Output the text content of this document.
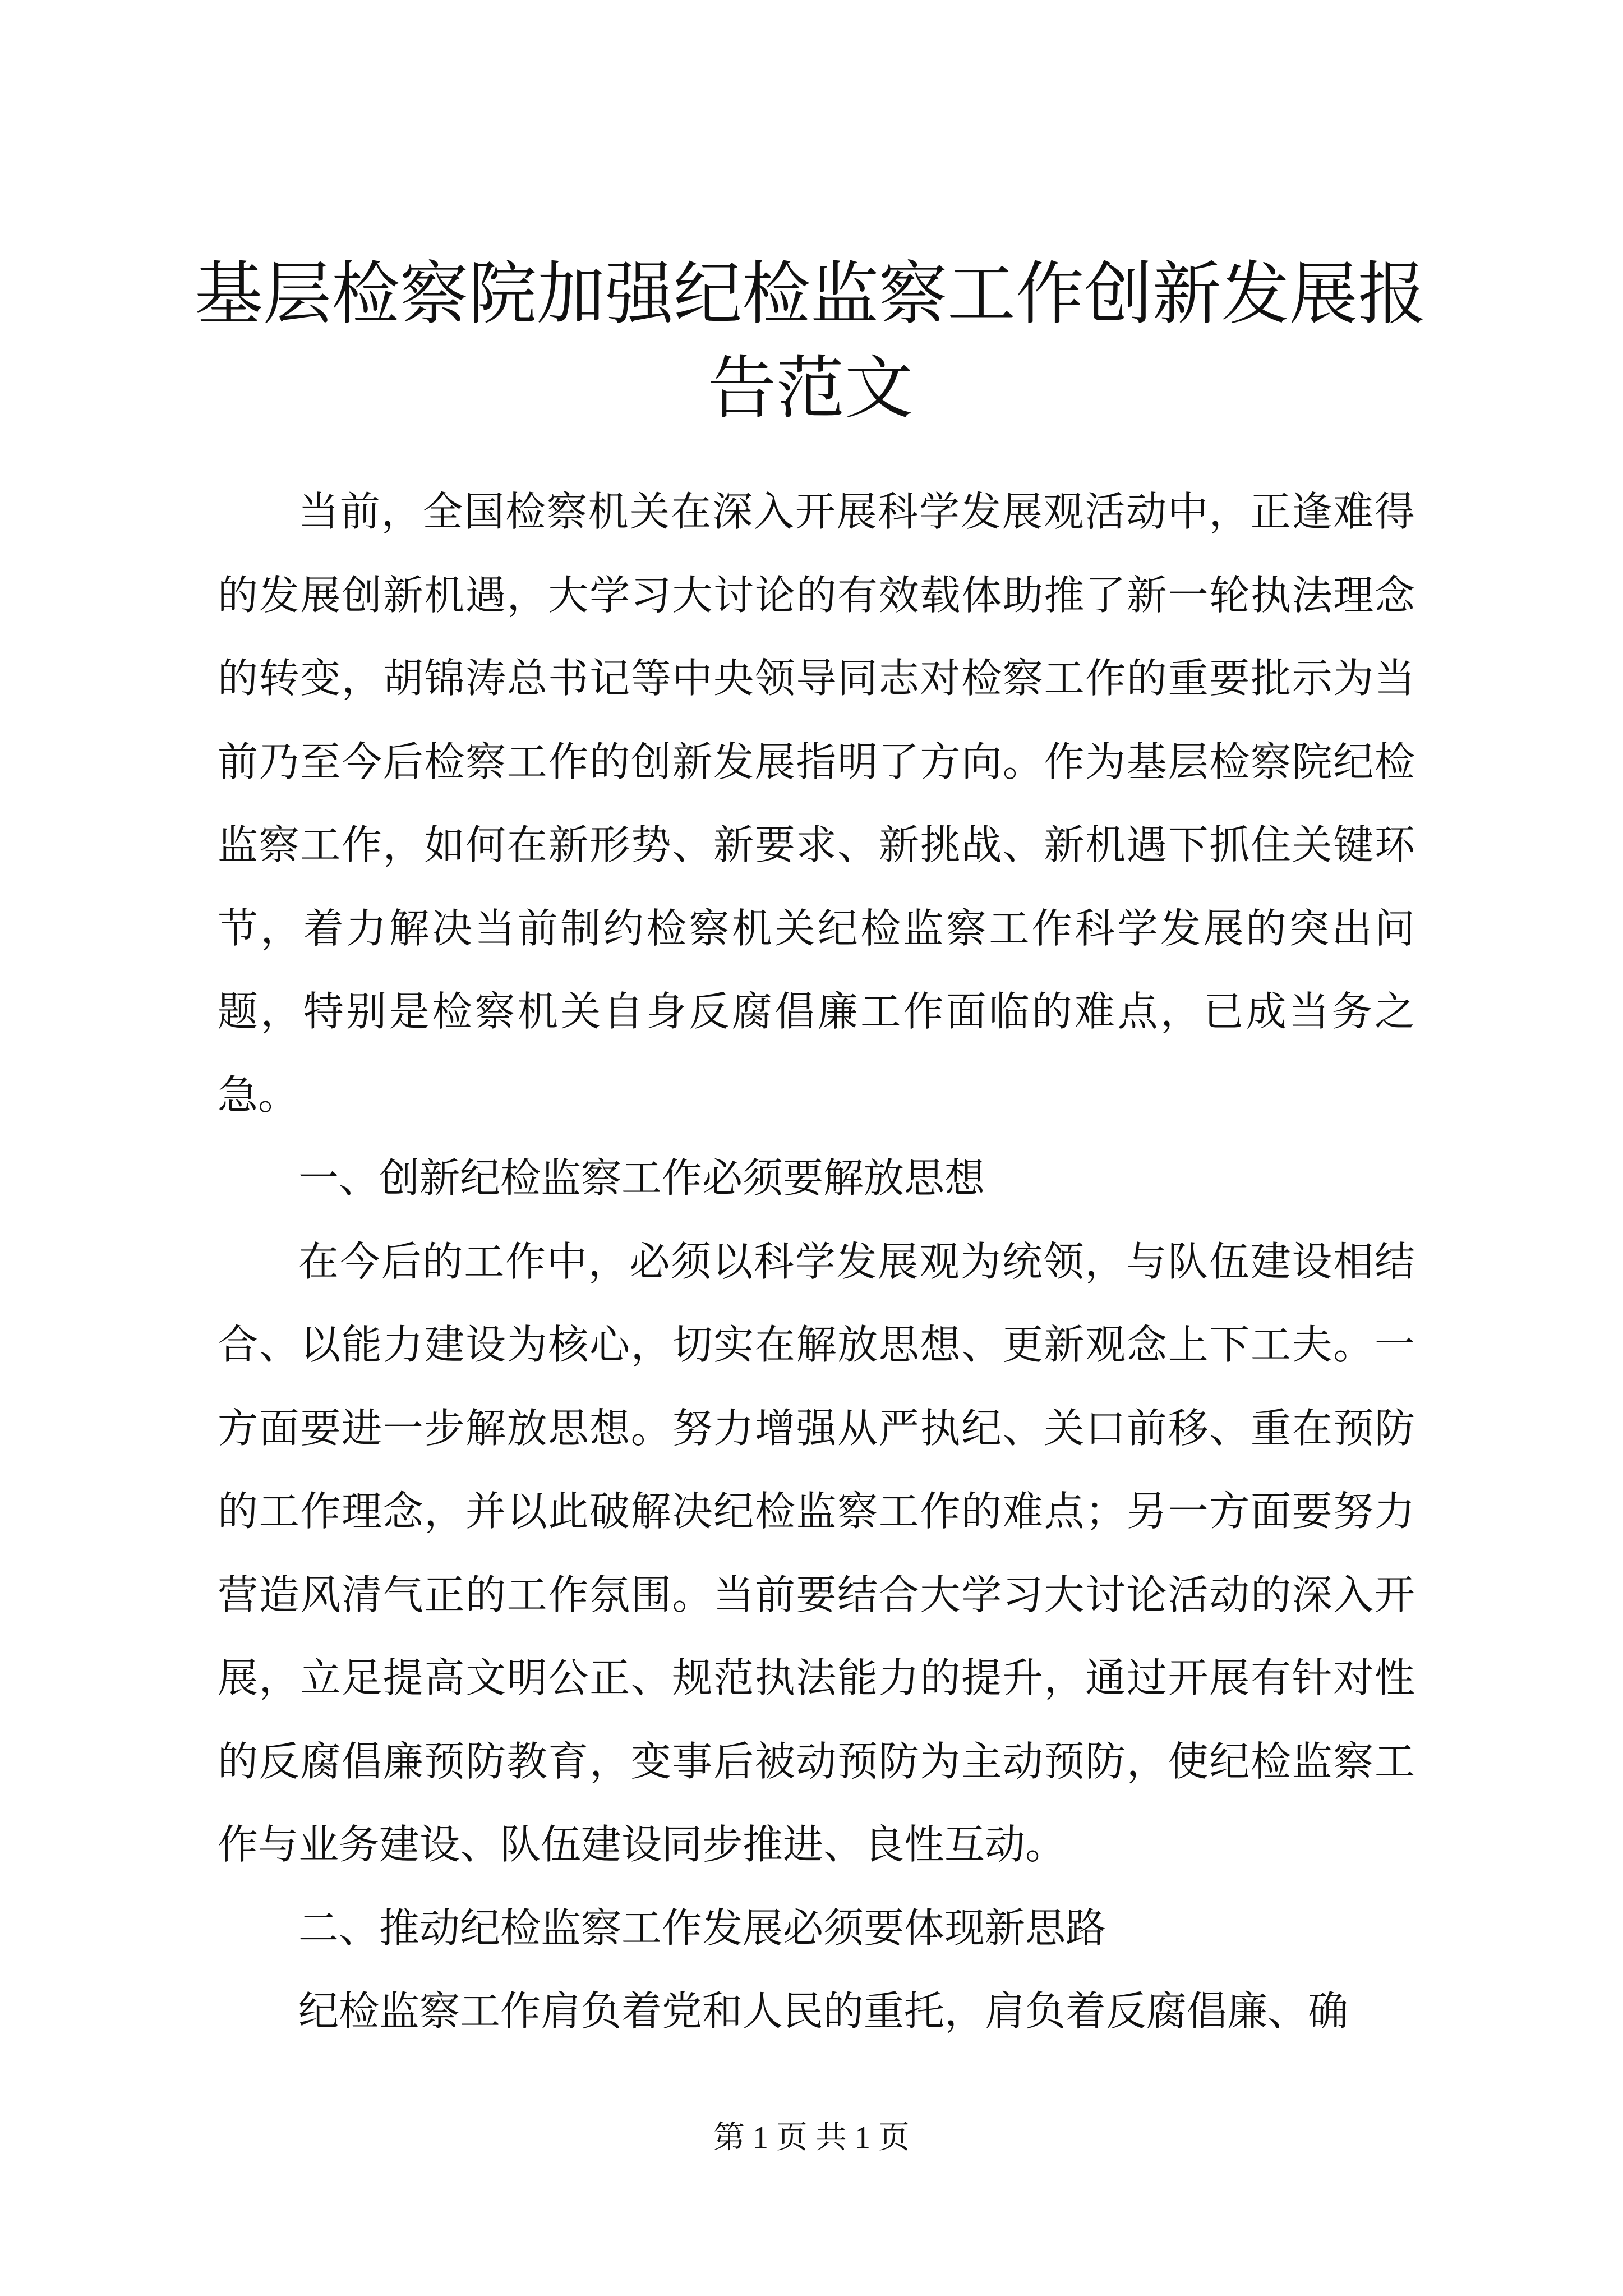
基层检察院加强纪检监察工作创新发展报告范文

当前，全国检察机关在深入开展科学发展观活动中，正逢难得的发展创新机遇，大学习大讨论的有效载体助推了新一轮执法理念的转变，胡锦涛总书记等中央领导同志对检察工作的重要批示为当前乃至今后检察工作的创新发展指明了方向。作为基层检察院纪检监察工作，如何在新形势、新要求、新挑战、新机遇下抓住关键环节，着力解决当前制约检察机关纪检监察工作科学发展的突出问题，特别是检察机关自身反腐倡廉工作面临的难点，已成当务之急。

一、创新纪检监察工作必须要解放思想

在今后的工作中，必须以科学发展观为统领，与队伍建设相结合、以能力建设为核心，切实在解放思想、更新观念上下工夫。一方面要进一步解放思想。努力增强从严执纪、关口前移、重在预防的工作理念，并以此破解决纪检监察工作的难点；另一方面要努力营造风清气正的工作氛围。当前要结合大学习大讨论活动的深入开展，立足提高文明公正、规范执法能力的提升，通过开展有针对性的反腐倡廉预防教育，变事后被动预防为主动预防，使纪检监察工作与业务建设、队伍建设同步推进、良性互动。

二、推动纪检监察工作发展必须要体现新思路

纪检监察工作肩负着党和人民的重托，肩负着反腐倡廉、确

第 1 页 共 1 页
